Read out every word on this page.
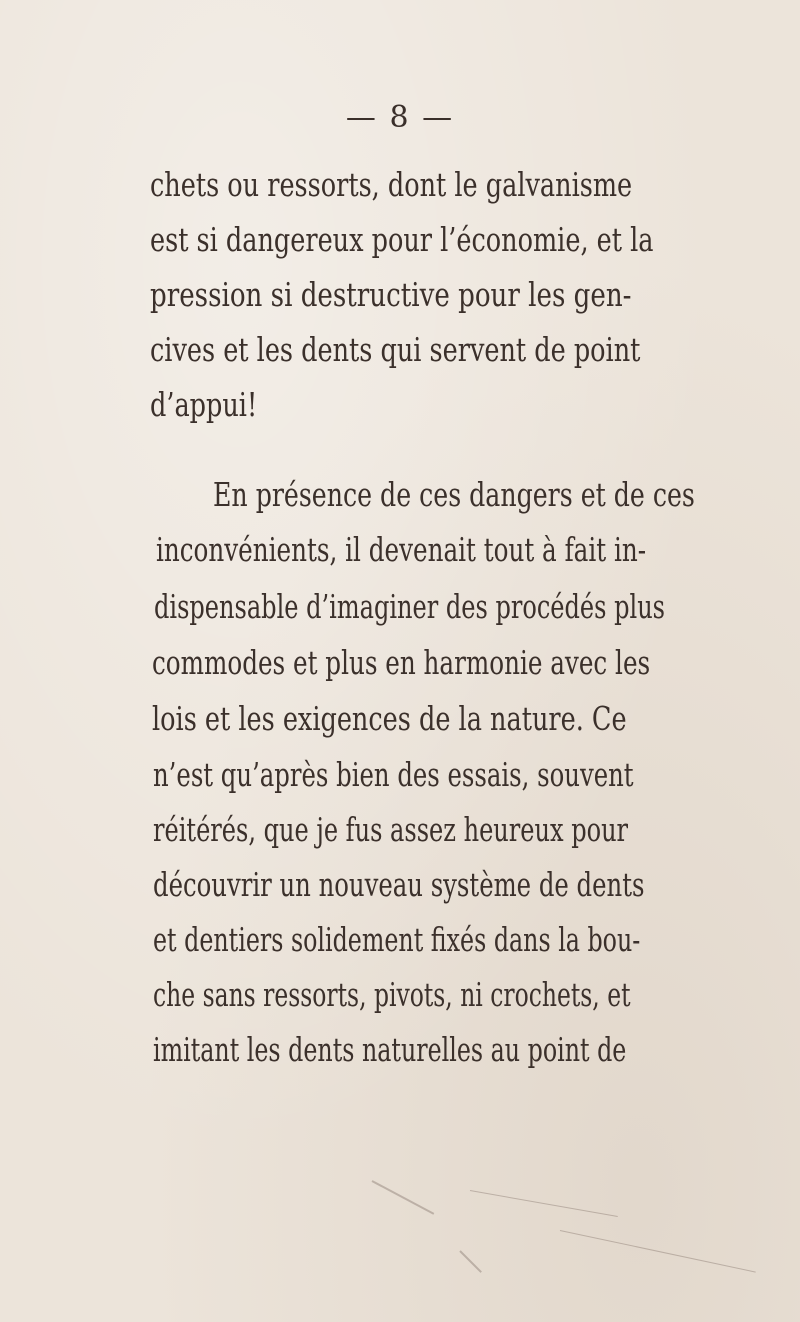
— 8 —
chets ou ressorts, dont le galvanisme
est si dangereux pour l’économie, et la
pression si destructive pour les gen-
cives et les dents qui servent de point
d’appui!
En présence de ces dangers et de ces
inconvénients, il devenait tout à fait in-
dispensable d’imaginer des procédés plus
commodes et plus en harmonie avec les
lois et les exigences de la nature. Ce
n’est qu’après bien des essais, souvent
réitérés, que je fus assez heureux pour
découvrir un nouveau système de dents
et dentiers solidement fixés dans la bou-
che sans ressorts, pivots, ni crochets, et
imitant les dents naturelles au point de
